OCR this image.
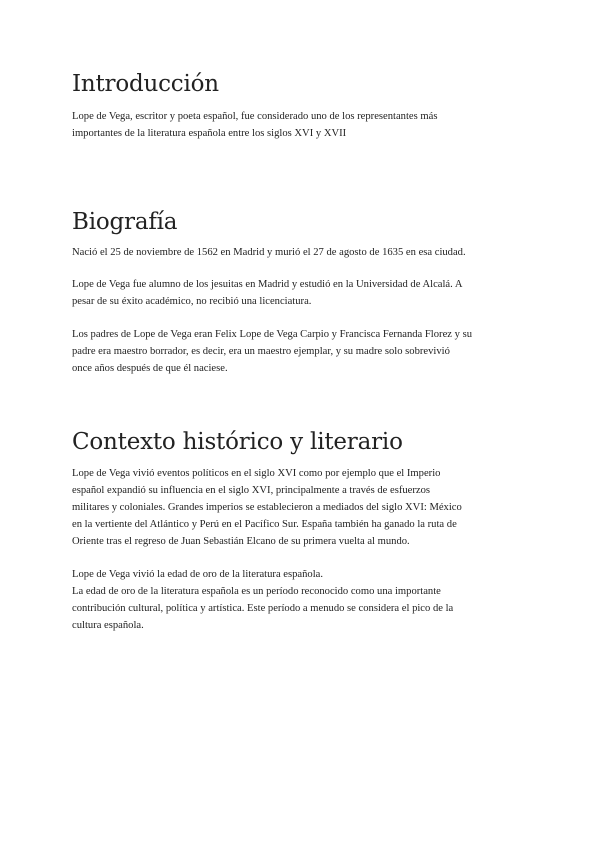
Introducción

Lope de Vega, escritor y poeta español, fue considerado uno de los representantes más
importantes de la literatura española entre los siglos XVI y XVII

Biografía

Nació el 25 de noviembre de 1562 en Madrid y murió el 27 de agosto de 1635 en esa ciudad.

Lope de Vega fue alumno de los jesuitas en Madrid y estudió en la Universidad de Alcalá. A
pesar de su éxito académico, no recibió una licenciatura.

Los padres de Lope de Vega eran Felix Lope de Vega Carpio y Francisca Fernanda Florez y su
padre era maestro borrador, es decir, era un maestro ejemplar, y su madre solo sobrevivió
once años después de que él naciese.

Contexto histórico y literario

Lope de Vega vivió eventos políticos en el siglo XVI como por ejemplo que el Imperio
español expandió su influencia en el siglo XVI, principalmente a través de esfuerzos
militares y coloniales. Grandes imperios se establecieron a mediados del siglo XVI: México
en la vertiente del Atlántico y Perú en el Pacífico Sur. España también ha ganado la ruta de
Oriente tras el regreso de Juan Sebastián Elcano de su primera vuelta al mundo.

Lope de Vega vivió la edad de oro de la literatura española.
La edad de oro de la literatura española es un período reconocido como una importante
contribución cultural, política y artística. Este período a menudo se considera el pico de la
cultura española.
